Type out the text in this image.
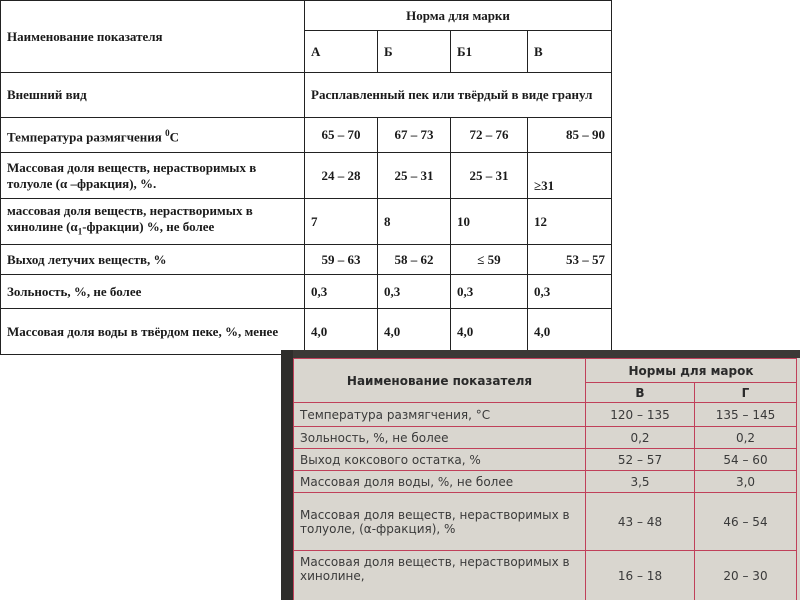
Наименование показателя	Норма для марки			
	А	Б	Б1	В
Внешний вид	Расплавленный пек или твёрдый в виде гранул			
Температура размягчения $^0$С	65 – 70	67 – 73	72 – 76	85 – 90
Массовая доля веществ, нерастворимых в толуоле (α –фракция), %.	24 – 28	25 – 31	25 – 31	≥31
массовая доля веществ, нерастворимых в хинолине $(\alpha_1-фракции)$ %, не более	7	8	10	12
Выход летучих веществ, %	59 – 63	58 – 62	≤ 59	53 – 57
Зольность, %, не более	0,3	0,3	0,3	0,3
Массовая доля воды в твёрдом пеке, %, менее	4,0	4,0	4,0	4,0
Наименование показателя	Нормы для марок	
	В	Г
Температура размягчения, °С	120 – 135	135 – 145
Зольность, %, не более	0,2	0,2
Выход коксового остатка, %	52 – 57	54 – 60
Массовая доля воды, %, не более	3,5	3,0
Массовая доля веществ, нерастворимых в толуоле, (α-фракция), %	43 – 48	46 – 54
Массовая доля веществ, нерастворимых в хинолине,	16 – 18	20 – 30
